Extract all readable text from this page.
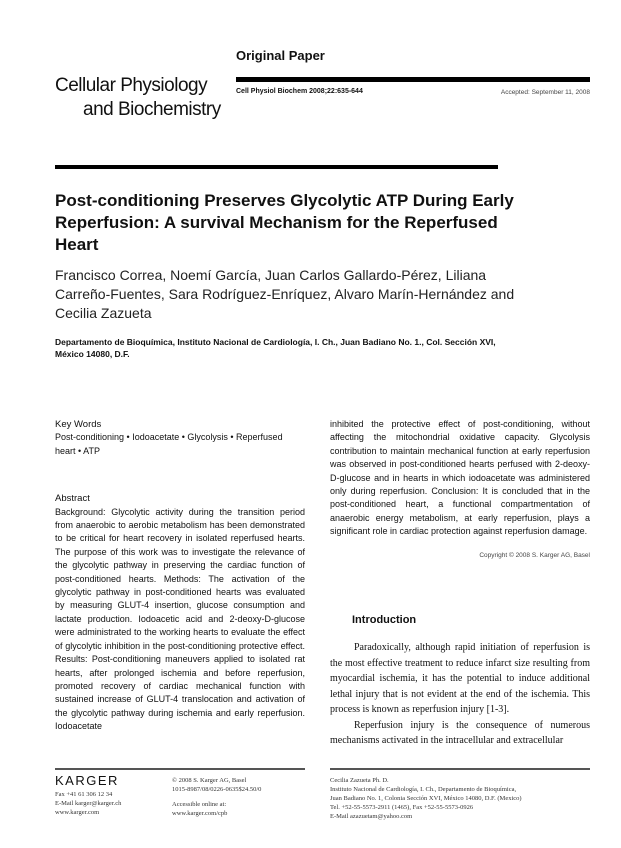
Cellular Physiology
and Biochemistry
Original Paper
Cell Physiol Biochem 2008;22:635-644	Accepted: September 11, 2008
Post-conditioning Preserves Glycolytic ATP During Early Reperfusion: A survival Mechanism for the Reperfused Heart
Francisco Correa, Noemí García, Juan Carlos Gallardo-Pérez, Liliana Carreño-Fuentes, Sara Rodríguez-Enríquez, Alvaro Marín-Hernández and Cecilia Zazueta
Departamento de Bioquímica, Instituto Nacional de Cardiología, I. Ch., Juan Badiano No. 1., Col. Sección XVI, México 14080, D.F.
Key Words
Post-conditioning • Iodoacetate • Glycolysis • Reperfused heart • ATP
Abstract
Background: Glycolytic activity during the transition period from anaerobic to aerobic metabolism has been demonstrated to be critical for heart recovery in isolated reperfused hearts. The purpose of this work was to investigate the relevance of the glycolytic pathway in preserving the cardiac function of post-conditioned hearts. Methods: The activation of the glycolytic pathway in post-conditioned hearts was evaluated by measuring GLUT-4 insertion, glucose consumption and lactate production. Iodoacetic acid and 2-deoxy-D-glucose were administrated to the working hearts to evaluate the effect of glycolytic inhibition in the post-conditioning protective effect. Results: Post-conditioning maneuvers applied to isolated rat hearts, after prolonged ischemia and before reperfusion, promoted recovery of cardiac mechanical function with sustained increase of GLUT-4 translocation and activation of the glycolytic pathway during ischemia and early reperfusion. Iodoacetate
inhibited the protective effect of post-conditioning, without affecting the mitochondrial oxidative capacity. Glycolysis contribution to maintain mechanical function at early reperfusion was observed in post-conditioned hearts perfused with 2-deoxy-D-glucose and in hearts in which iodoacetate was administered only during reperfusion. Conclusion: It is concluded that in the post-conditioned heart, a functional compartmentation of anaerobic energy metabolism, at early reperfusion, plays a significant role in cardiac protection against reperfusion damage.
Copyright © 2008 S. Karger AG, Basel
Introduction

Paradoxically, although rapid initiation of reperfusion is the most effective treatment to reduce infarct size resulting from myocardial ischemia, it has the potential to induce additional lethal injury that is not evident at the end of the ischemia. This process is known as reperfusion injury [1-3].

Reperfusion injury is the consequence of numerous mechanisms activated in the intracellular and extracellular

KARGER
Fax +41 61 306 12 34
E-Mail karger@karger.ch
www.karger.com
© 2008 S. Karger AG, Basel
1015-8987/08/0226-0635$24.50/0
Accessible online at:
www.karger.com/cpb
Cecilia Zazueta Ph. D.
Instituto Nacional de Cardiología, I. Ch., Departamento de Bioquímica,
Juan Badiano No. 1, Colonia Sección XVI, México 14080, D.F. (Mexico)
Tel. +52-55-5573-2911 (1465), Fax +52-55-5573-0926
E-Mail azazuetam@yahoo.com
